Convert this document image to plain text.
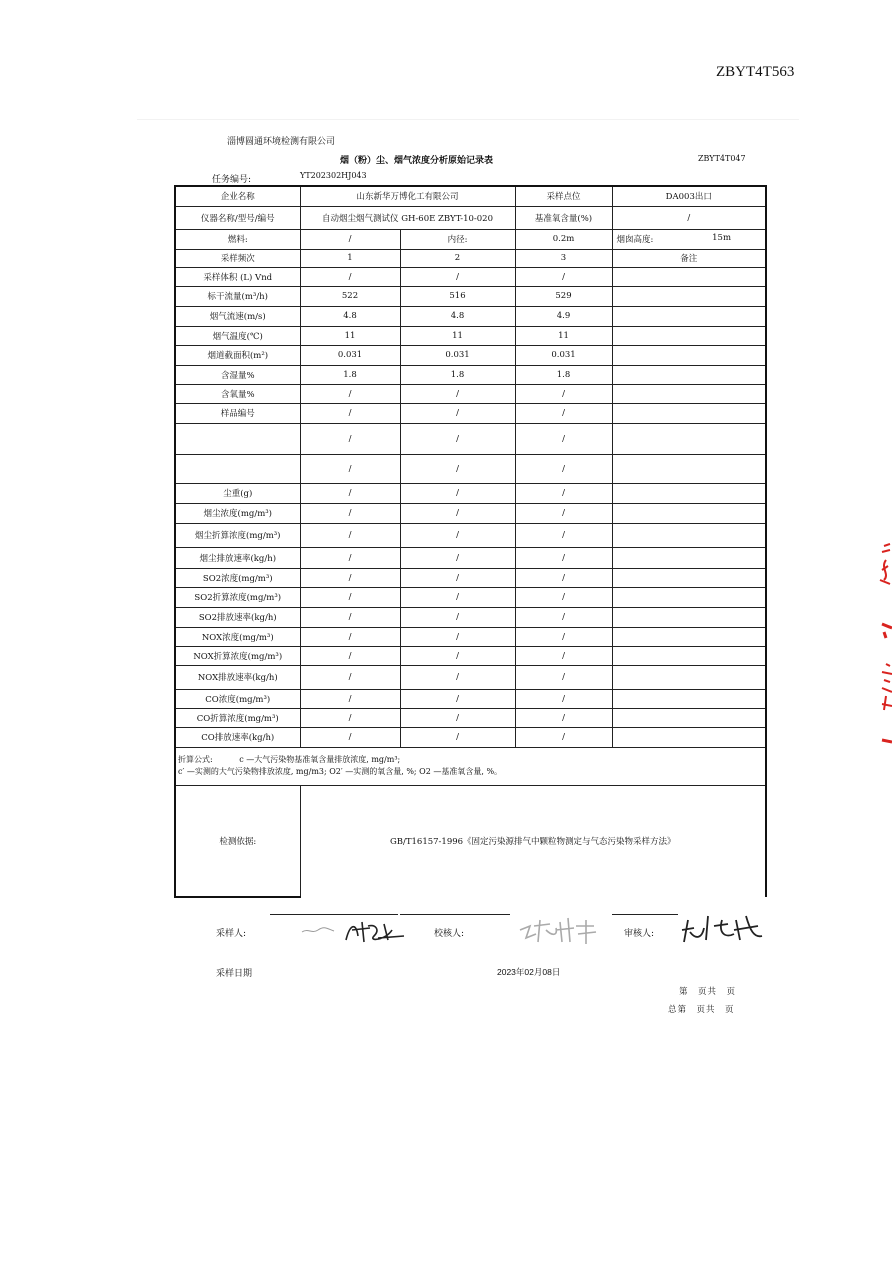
ZBYT4T563
淄博圆通环境检测有限公司
烟（粉）尘、烟气浓度分析原始记录表	ZBYT4T047
任务编号:	YT202302HJ043
企业名称	山东新华万博化工有限公司		采样点位	DA003出口
仪器名称/型号/编号	自动烟尘烟气测试仪 GH-60E ZBYT-10-020		基准氧含量(%)	/
燃料:	/	内径:	0.2m	烟囱高度: 15m

采样频次	1	2	3	备注
采样体积 (L) Vnd	/	/	/	
标干流量(m³/h)	522	516	529	
烟气流速(m/s)	4.8	4.8	4.9	
烟气温度(℃)	11	11	11	
烟道截面积(m²)	0.031	0.031	0.031	
含湿量%	1.8	1.8	1.8	
含氧量%	/	/	/	
样品编号	/	/	/	
	/	/	/	
	/	/	/	
尘重(g)	/	/	/	
烟尘浓度(mg/m³)	/	/	/	
烟尘折算浓度(mg/m³)	/	/	/	
烟尘排放速率(kg/h)	/	/	/	
SO2浓度(mg/m³)	/	/	/	
SO2折算浓度(mg/m³)	/	/	/	
SO2排放速率(kg/h)	/	/	/	
NOX浓度(mg/m³)	/	/	/	
NOX折算浓度(mg/m³)	/	/	/	
NOX排放速率(kg/h)	/	/	/	
CO浓度(mg/m³)	/	/	/	
CO折算浓度(mg/m³)	/	/	/	
CO排放速率(kg/h)	/	/	/	

折算公式:　　　 c —大气污染物基准氧含量排放浓度, mg/m³;
c′ —实测的大气污染物排放浓度, mg/m3; O2′ —实测的氧含量, %; O2 —基准氧含量, %。				

检测依据:	GB/T16157-1996《固定污染源排气中颗粒物测定与气态污染物采样方法》			
采样人:	校核人:	审核人:
采样日期	2023年02月08日
第　页共　页
总第　页共　页
